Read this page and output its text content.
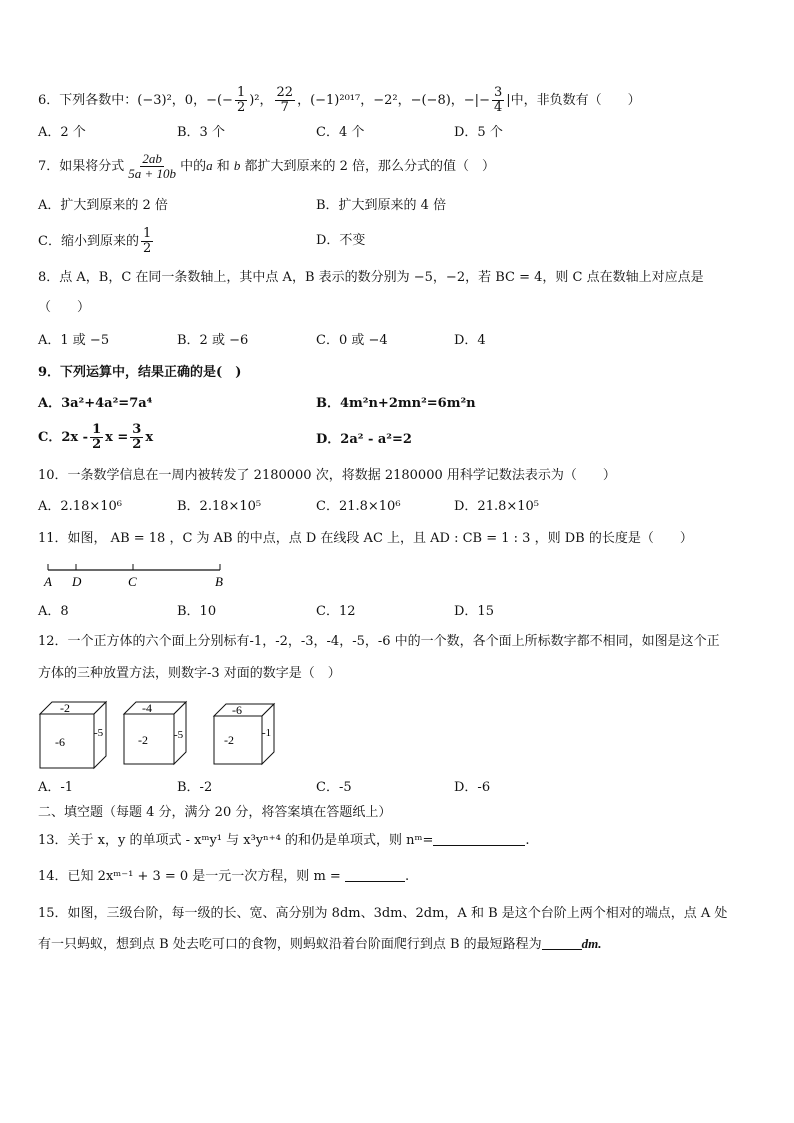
6．下列各数中：(−3)²，0，−(− $\frac{1}{2} )^2$， $\frac{22}{7}$ ，(−1)²⁰¹⁷，−2²，−(−8)，−|− $\frac{3}{4}$ |中，非负数有（　　）
A．2 个	B．3 个	C．4 个	D．5 个
7．如果将分式 $\frac{2ab}{5a + 10b}$ 中的a 和 b 都扩大到原来的 2 倍，那么分式的值（　）
A．扩大到原来的 2 倍	B．扩大到原来的 4 倍
C．缩小到原来的 $\frac{1}{2}$	D．不变
8．点 A，B，C 在同一条数轴上，其中点 A，B 表示的数分别为 −5，−2，若 BC = 4，则 C 点在数轴上对应点是
（　　）
A．1 或 −5	B．2 或 −6	C．0 或 −4	D．4
9．下列运算中，结果正确的是(　)
A．3a²+4a²=7a⁴	B．4m²n+2mn²=6m²n
C．$2x - \frac{1}{2}$ $x = \frac{3}{2}$ x	D．2a² - a²=2
10．一条数学信息在一周内被转发了 2180000 次，将数据 2180000 用科学记数法表示为（　　）
A．2.18×10⁶	B．2.18×10⁵	C．21.8×10⁶	D．21.8×10⁵
11．如图， AB = 18 ，C 为 AB 的中点，点 D 在线段 AC 上，且 AD : CB = 1 : 3 ，则 DB 的长度是（　　）
A D	C	B
A．8	B．10	C．12	D．15
12．一个正方体的六个面上分别标有-1，-2，-3，-4，-5，-6 中的一个数，各个面上所标数字都不相同，如图是这个正
方体的三种放置方法，则数字-3 对面的数字是（　）
-2
-6
-5
-4
-2 -5
-6
-2	-1
A．-1	B．-2	C．-5	D．-6
二、填空题（每题 4 分，满分 20 分，将答案填在答题纸上）
13．关于 x，y 的单项式 - xᵐy¹ 与 x³yⁿ⁺⁴ 的和仍是单项式，则 nᵐ=	.
14．已知 2xᵐ⁻¹ + 3 = 0 是一元一次方程，则 m =	.
15．如图，三级台阶，每一级的长、宽、高分别为 8dm、3dm、2dm，A 和 B 是这个台阶上两个相对的端点，点 A 处
有一只蚂蚁，想到点 B 处去吃可口的食物，则蚂蚁沿着台阶面爬行到点 B 的最短路程为	dm.
